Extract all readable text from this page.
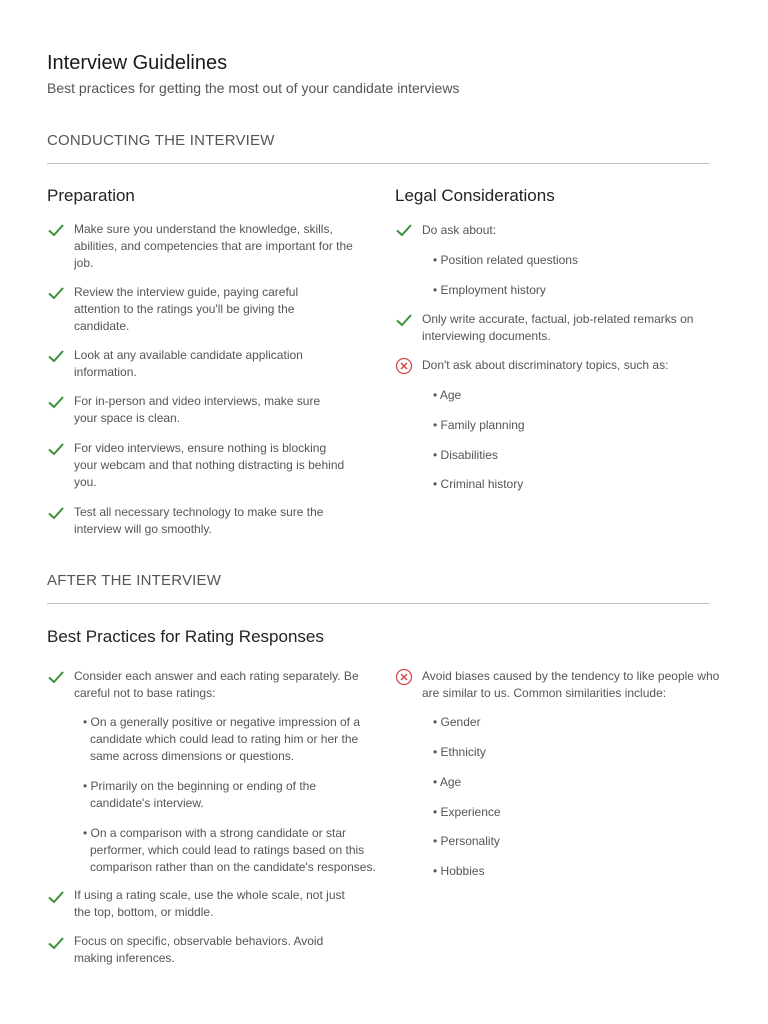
Interview Guidelines
Best practices for getting the most out of your candidate interviews
CONDUCTING THE INTERVIEW
Preparation
Make sure you understand the knowledge, skills, abilities, and competencies that are important for the job.
Review the interview guide, paying careful attention to the ratings you'll be giving the candidate.
Look at any available candidate application information.
For in-person and video interviews, make sure your space is clean.
For video interviews, ensure nothing is blocking your webcam and that nothing distracting is behind you.
Test all necessary technology to make sure the interview will go smoothly.
Legal Considerations
Do ask about:
• Position related questions
• Employment history
Only write accurate, factual, job-related remarks on interviewing documents.
Don't ask about discriminatory topics, such as:
• Age
• Family planning
• Disabilities
• Criminal history
AFTER THE INTERVIEW
Best Practices for Rating Responses
Consider each answer and each rating separately. Be careful not to base ratings:
• On a generally positive or negative impression of a candidate which could lead to rating him or her the same across dimensions or questions.
• Primarily on the beginning or ending of the candidate's interview.
• On a comparison with a strong candidate or star performer, which could lead to ratings based on this comparison rather than on the candidate's responses.
If using a rating scale, use the whole scale, not just the top, bottom, or middle.
Focus on specific, observable behaviors. Avoid making inferences.
Avoid biases caused by the tendency to like people who are similar to us. Common similarities include:
• Gender
• Ethnicity
• Age
• Experience
• Personality
• Hobbies
